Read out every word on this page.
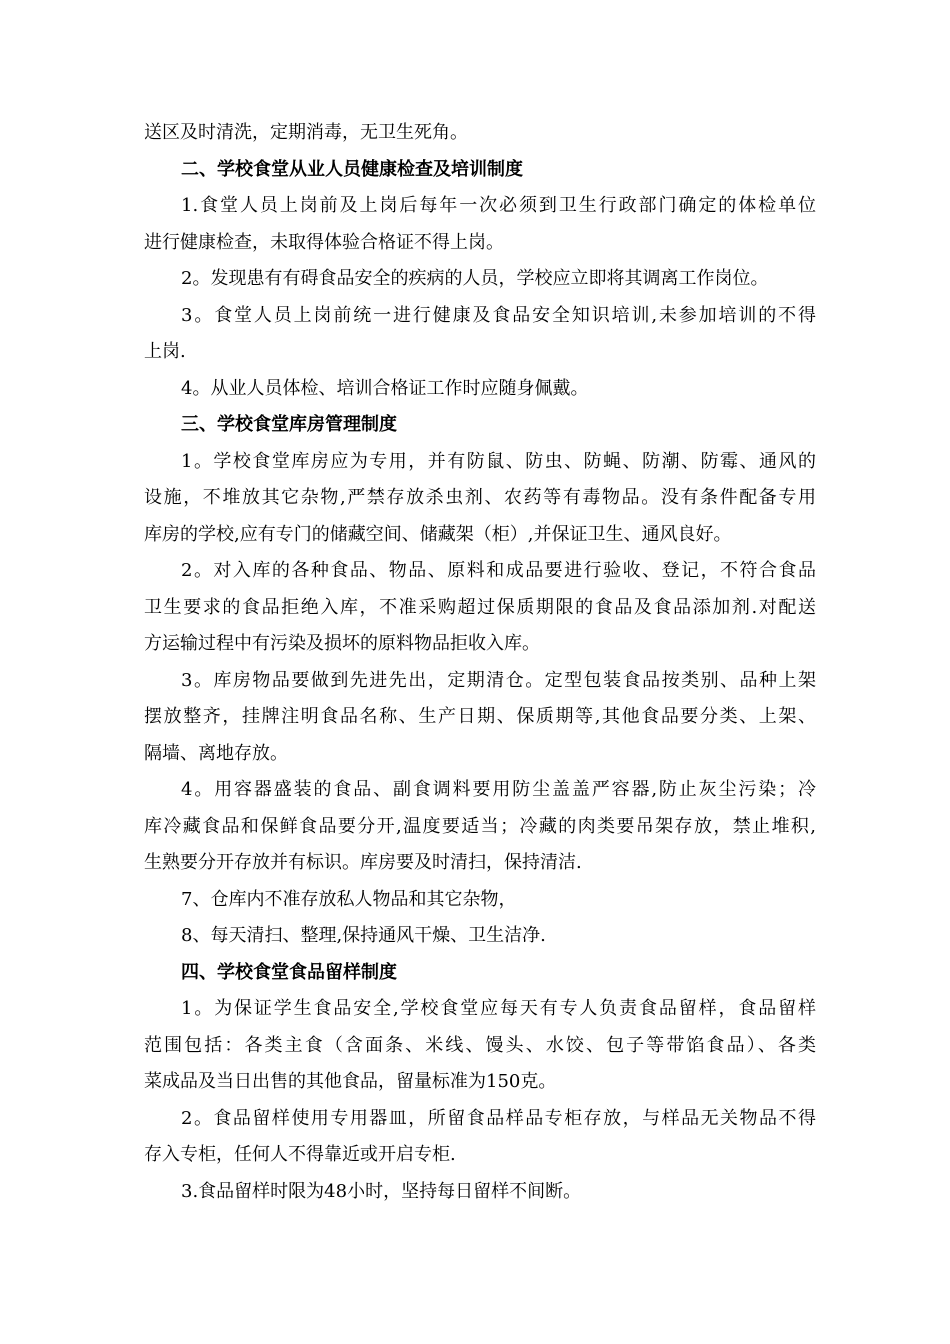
送区及时清洗，定期消毒，无卫生死角。
二、学校食堂从业人员健康检查及培训制度
1.食堂人员上岗前及上岗后每年一次必须到卫生行政部门确定的体检单位
进行健康检查，未取得体验合格证不得上岗。
2。发现患有有碍食品安全的疾病的人员，学校应立即将其调离工作岗位。
3。食堂人员上岗前统一进行健康及食品安全知识培训,未参加培训的不得
上岗.
4。从业人员体检、培训合格证工作时应随身佩戴。
三、学校食堂库房管理制度
1。学校食堂库房应为专用，并有防鼠、防虫、防蝇、防潮、防霉、通风的
设施，不堆放其它杂物,严禁存放杀虫剂、农药等有毒物品。没有条件配备专用
库房的学校,应有专门的储藏空间、储藏架（柜）,并保证卫生、通风良好。
2。对入库的各种食品、物品、原料和成品要进行验收、登记，不符合食品
卫生要求的食品拒绝入库，不准采购超过保质期限的食品及食品添加剂.对配送
方运输过程中有污染及损坏的原料物品拒收入库。
3。库房物品要做到先进先出，定期清仓。定型包装食品按类别、品种上架
摆放整齐，挂牌注明食品名称、生产日期、保质期等,其他食品要分类、上架、
隔墙、离地存放。
4。用容器盛装的食品、副食调料要用防尘盖盖严容器,防止灰尘污染；冷
库冷藏食品和保鲜食品要分开,温度要适当；冷藏的肉类要吊架存放，禁止堆积,
生熟要分开存放并有标识。库房要及时清扫，保持清洁.
7、仓库内不准存放私人物品和其它杂物，
8、每天清扫、整理,保持通风干燥、卫生洁净.
四、学校食堂食品留样制度
1。为保证学生食品安全,学校食堂应每天有专人负责食品留样，食品留样
范围包括：各类主食（含面条、米线、馒头、水饺、包子等带馅食品）、各类
菜成品及当日出售的其他食品，留量标准为150克。
2。食品留样使用专用器皿，所留食品样品专柜存放，与样品无关物品不得
存入专柜，任何人不得靠近或开启专柜.
3.食品留样时限为48小时，坚持每日留样不间断。
